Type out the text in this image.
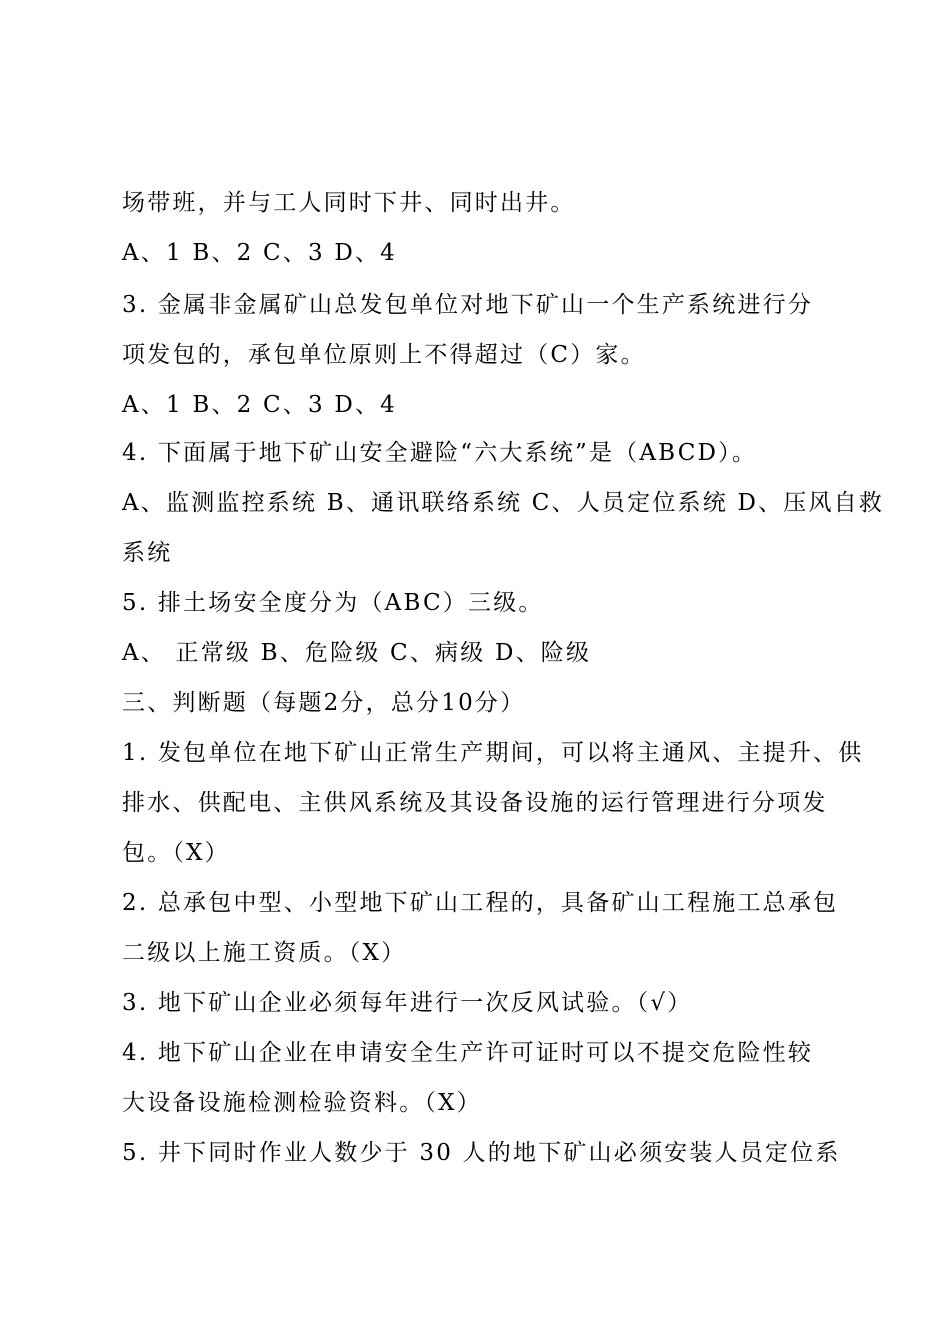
场带班，并与工人同时下井、同时出井。
A、1 B、2 C、3 D、4
3. 金属非金属矿山总发包单位对地下矿山一个生产系统进行分
项发包的，承包单位原则上不得超过（C）家。
A、1 B、2 C、3 D、4
4. 下面属于地下矿山安全避险“六大系统”是（ABCD）。
A、监测监控系统 B、通讯联络系统 C、人员定位系统 D、压风自救
系统
5. 排土场安全度分为（ABC）三级。
A、 正常级 B、危险级 C、病级 D、险级
三、判断题（每题2分，总分10分）
1. 发包单位在地下矿山正常生产期间，可以将主通风、主提升、供
排水、供配电、主供风系统及其设备设施的运行管理进行分项发
包。（X）
2. 总承包中型、小型地下矿山工程的，具备矿山工程施工总承包
二级以上施工资质。（X）
3. 地下矿山企业必须每年进行一次反风试验。（√）
4. 地下矿山企业在申请安全生产许可证时可以不提交危险性较
大设备设施检测检验资料。（X）
5. 井下同时作业人数少于 30 人的地下矿山必须安装人员定位系
